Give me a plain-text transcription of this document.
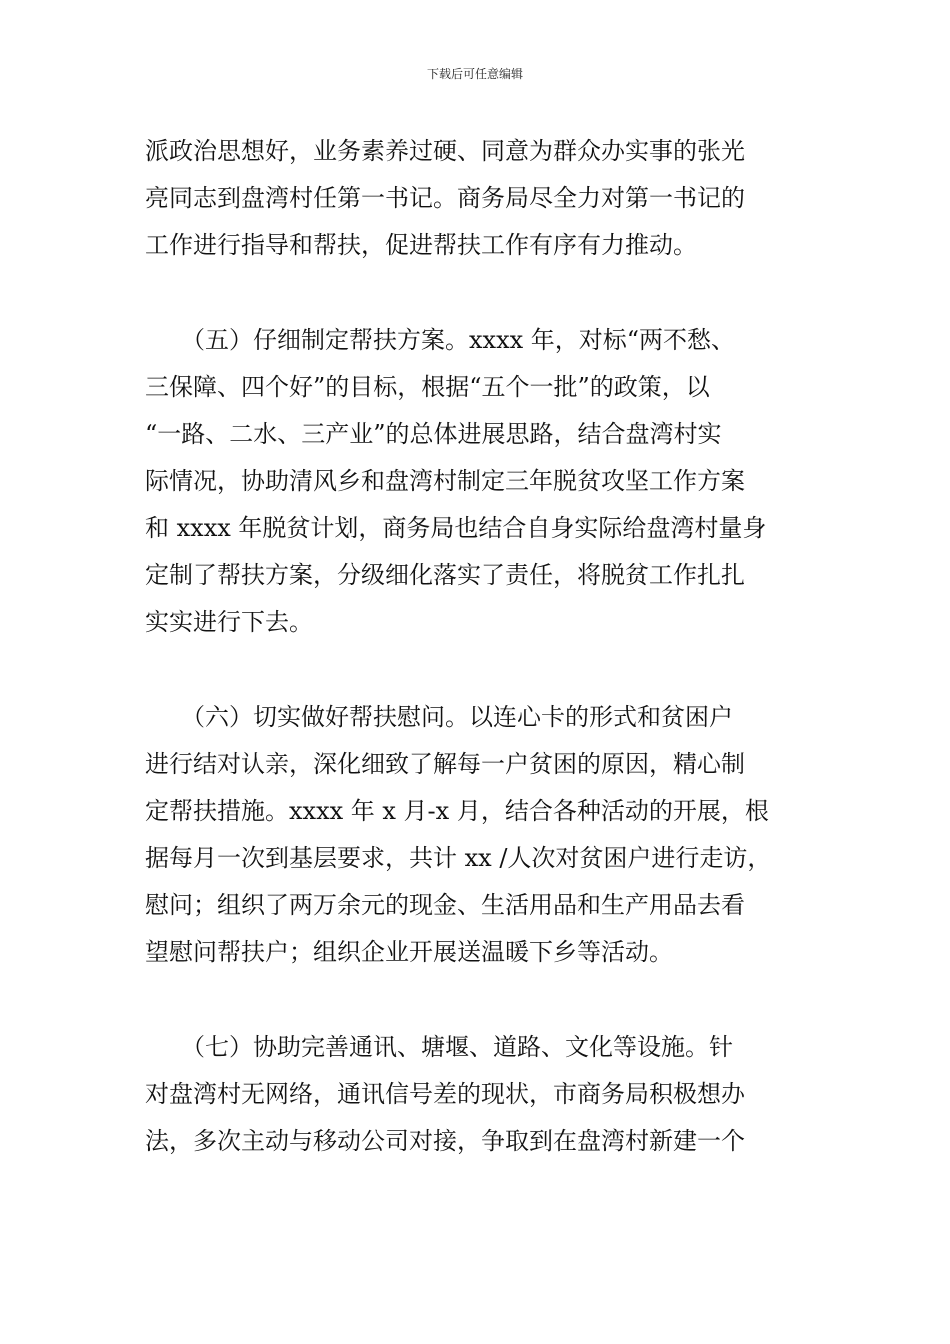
下载后可任意编辑

派政治思想好，业务素养过硬、同意为群众办实事的张光
亮同志到盘湾村任第一书记。商务局尽全力对第一书记的
工作进行指导和帮扶，促进帮扶工作有序有力推动。

　　（五）仔细制定帮扶方案。xxxx 年，对标“两不愁、
三保障、四个好”的目标，根据“五个一批”的政策，以
“一路、二水、三产业”的总体进展思路，结合盘湾村实
际情况，协助清风乡和盘湾村制定三年脱贫攻坚工作方案
和 xxxx 年脱贫计划，商务局也结合自身实际给盘湾村量身
定制了帮扶方案，分级细化落实了责任，将脱贫工作扎扎
实实进行下去。

　　（六）切实做好帮扶慰问。以连心卡的形式和贫困户
进行结对认亲，深化细致了解每一户贫困的原因，精心制
定帮扶措施。xxxx 年 x 月-x 月，结合各种活动的开展，根
据每月一次到基层要求，共计 xx /人次对贫困户进行走访，
慰问；组织了两万余元的现金、生活用品和生产用品去看
望慰问帮扶户；组织企业开展送温暖下乡等活动。

　　（七）协助完善通讯、塘堰、道路、文化等设施。针
对盘湾村无网络，通讯信号差的现状，市商务局积极想办
法，多次主动与移动公司对接，争取到在盘湾村新建一个
